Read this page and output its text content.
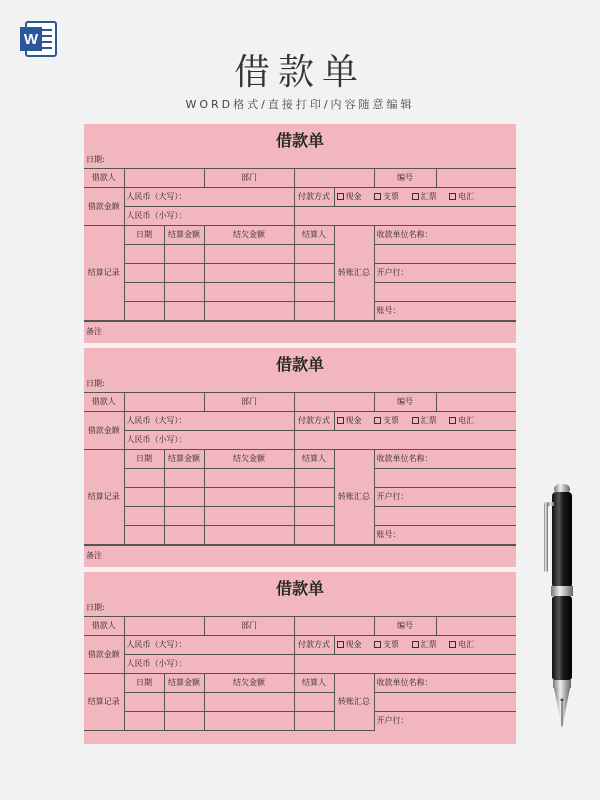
W
借款单
WORD格式/直接打印/内容随意编辑
借款单
日期:
借款人			部门			编号	
借款金额	人民币（大写）：			付款方式	现金 支票 汇票 电汇		
	人民币（小写）：						
结算记录	日期	结算金额	结欠金额	结算人	转账汇总	收款单位名称：	

						开户行：	

						账号：	
备注
借款单
日期:
借款人			部门			编号	
借款金额	人民币（大写）：			付款方式	现金 支票 汇票 电汇		
	人民币（小写）：						
结算记录	日期	结算金额	结欠金额	结算人	转账汇总	收款单位名称：	

						开户行：	

						账号：	
备注
借款单
日期:
借款人			部门			编号	
借款金额	人民币（大写）：			付款方式	现金 支票 汇票 电汇		
	人民币（小写）：						
结算记录	日期	结算金额	结欠金额	结算人	转账汇总	收款单位名称：	

						开户行：	
